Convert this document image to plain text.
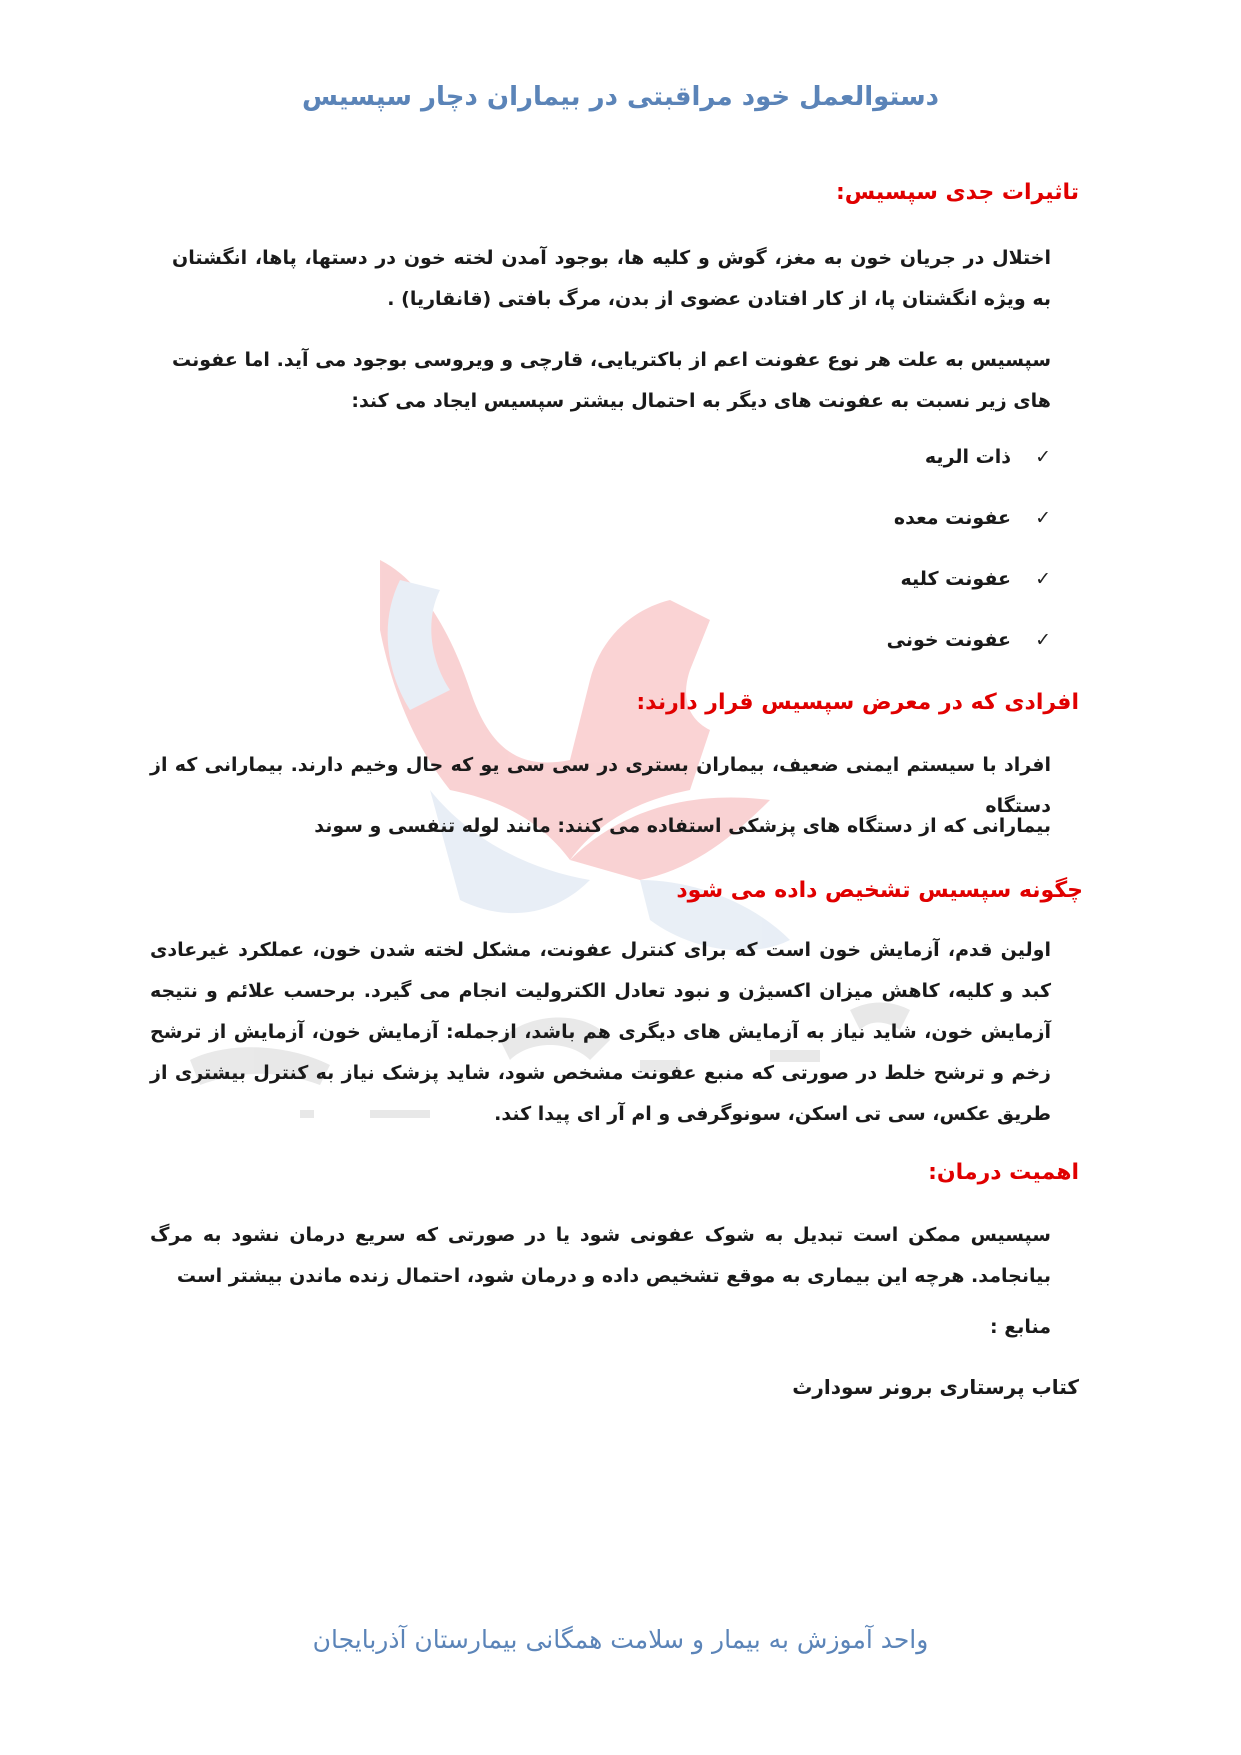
دستوالعمل خود مراقبتی در بیماران دچار سپسیس
تاثیرات جدی سپسیس:

اختلال در جریان خون به مغز، گوش و کلیه ها، بوجود آمدن لخته خون در دستها، پاها، انگشتان به ویژه انگشتان پا، از کار افتادن عضوی از بدن، مرگ بافتی (قانقاریا) .

سپسیس به علت هر نوع عفونت اعم از باکتریایی، قارچی و ویروسی بوجود می آید. اما عفونت های زیر نسبت به عفونت های دیگر به احتمال بیشتر سپسیس ایجاد می کند:

✓
ذات الریه
✓
عفونت معده
✓
عفونت کلیه
✓
عفونت خونی
افرادی که در معرض سپسیس قرار دارند:

افراد با سیستم ایمنی ضعیف، بیماران بستری در سی سی یو که حال وخیم دارند. بیمارانی که از دستگاه

بیمارانی که از دستگاه های پزشکی استفاده می کنند: مانند لوله تنفسی و سوند

چگونه سپسیس تشخیص داده می شود

اولین قدم، آزمایش خون است که برای کنترل عفونت، مشکل لخته شدن خون، عملکرد غیرعادی کبد و کلیه، کاهش میزان اکسیژن و نبود تعادل الکترولیت انجام می گیرد. برحسب علائم و نتیجه آزمایش خون، شاید نیاز به آزمایش های دیگری هم باشد، ازجمله: آزمایش خون، آزمایش از ترشح زخم و ترشح خلط در صورتی که منبع عفونت مشخص شود، شاید پزشک نیاز به کنترل بیشتری از طریق عکس، سی تی اسکن، سونوگرفی و ام آر ای پیدا کند.

اهمیت درمان:

سپسیس ممکن است تبدیل به شوک عفونی شود یا در صورتی که سریع درمان نشود به مرگ بیانجامد. هرچه این بیماری به موقع تشخیص داده و درمان شود، احتمال زنده ماندن بیشتر است

منابع :

کتاب پرستاری برونر سودارث

واحد آموزش به بیمار و سلامت همگانی بیمارستان آذربایجان
